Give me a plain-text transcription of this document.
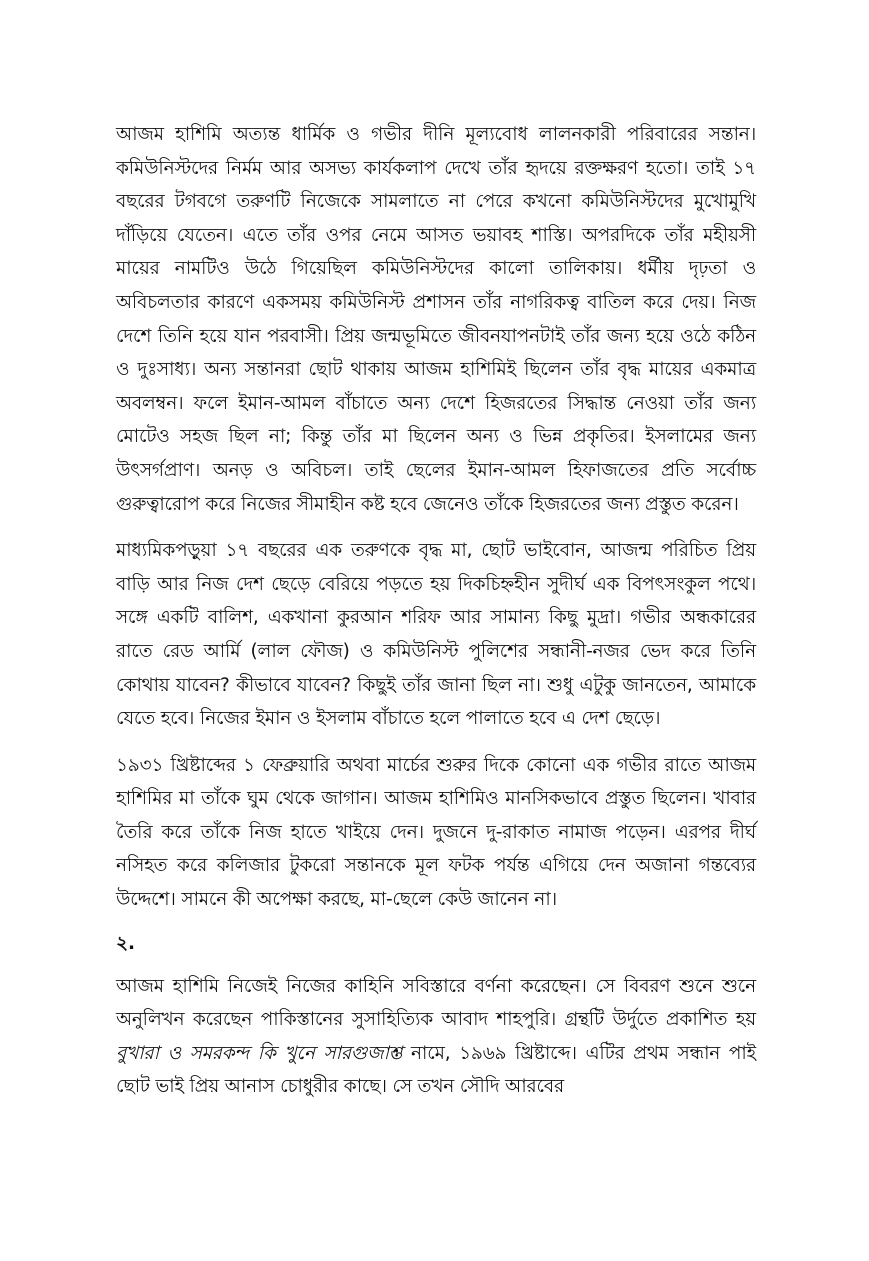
আজম হাশিমি অত্যন্ত ধার্মিক ও গভীর দীনি মূল্যবোধ লালনকারী পরিবারের সন্তান। কমিউনিস্টদের নির্মম আর অসভ্য কার্যকলাপ দেখে তাঁর হৃদয়ে রক্তক্ষরণ হতো। তাই ১৭ বছরের টগবগে তরুণটি নিজেকে সামলাতে না পেরে কখনো কমিউনিস্টদের মুখোমুখি দাঁড়িয়ে যেতেন। এতে তাঁর ওপর নেমে আসত ভয়াবহ শাস্তি। অপরদিকে তাঁর মহীয়সী মায়ের নামটিও উঠে গিয়েছিল কমিউনিস্টদের কালো তালিকায়। ধর্মীয় দৃঢ়তা ও অবিচলতার কারণে একসময় কমিউনিস্ট প্রশাসন তাঁর নাগরিকত্ব বাতিল করে দেয়। নিজ দেশে তিনি হয়ে যান পরবাসী। প্রিয় জন্মভূমিতে জীবনযাপনটাই তাঁর জন্য হয়ে ওঠে কঠিন ও দুঃসাধ্য। অন্য সন্তানরা ছোট থাকায় আজম হাশিমিই ছিলেন তাঁর বৃদ্ধ মায়ের একমাত্র অবলম্বন। ফলে ইমান-আমল বাঁচাতে অন্য দেশে হিজরতের সিদ্ধান্ত নেওয়া তাঁর জন্য মোটেও সহজ ছিল না; কিন্তু তাঁর মা ছিলেন অন্য ও ভিন্ন প্রকৃতির। ইসলামের জন্য উৎসর্গপ্রাণ। অনড় ও অবিচল। তাই ছেলের ইমান-আমল হিফাজতের প্রতি সর্বোচ্চ গুরুত্বারোপ করে নিজের সীমাহীন কষ্ট হবে জেনেও তাঁকে হিজরতের জন্য প্রস্তুত করেন।

মাধ্যমিকপড়ুয়া ১৭ বছরের এক তরুণকে বৃদ্ধ মা, ছোট ভাইবোন, আজন্ম পরিচিত প্রিয় বাড়ি আর নিজ দেশ ছেড়ে বেরিয়ে পড়তে হয় দিকচিহ্নহীন সুদীর্ঘ এক বিপৎসংকুল পথে। সঙ্গে একটি বালিশ, একখানা কুরআন শরিফ আর সামান্য কিছু মুদ্রা। গভীর অন্ধকারের রাতে রেড আর্মি (লাল ফৌজ) ও কমিউনিস্ট পুলিশের সন্ধানী-নজর ভেদ করে তিনি কোথায় যাবেন? কীভাবে যাবেন? কিছুই তাঁর জানা ছিল না। শুধু এটুকু জানতেন, আমাকে যেতে হবে। নিজের ইমান ও ইসলাম বাঁচাতে হলে পালাতে হবে এ দেশ ছেড়ে।

১৯৩১ খ্রিষ্টাব্দের ১ ফেব্রুয়ারি অথবা মার্চের শুরুর দিকে কোনো এক গভীর রাতে আজম হাশিমির মা তাঁকে ঘুম থেকে জাগান। আজম হাশিমিও মানসিকভাবে প্রস্তুত ছিলেন। খাবার তৈরি করে তাঁকে নিজ হাতে খাইয়ে দেন। দুজনে দু-রাকাত নামাজ পড়েন। এরপর দীর্ঘ নসিহত করে কলিজার টুকরো সন্তানকে মূল ফটক পর্যন্ত এগিয়ে দেন অজানা গন্তব্যের উদ্দেশে। সামনে কী অপেক্ষা করছে, মা-ছেলে কেউ জানেন না।

২.

আজম হাশিমি নিজেই নিজের কাহিনি সবিস্তারে বর্ণনা করেছেন। সে বিবরণ শুনে শুনে অনুলিখন করেছেন পাকিস্তানের সুসাহিত্যিক আবাদ শাহপুরি। গ্রন্থটি উর্দুতে প্রকাশিত হয় বুখারা ও সমরকন্দ কি খুনে সারগুজাশ্ত নামে, ১৯৬৯ খ্রিষ্টাব্দে। এটির প্রথম সন্ধান পাই ছোট ভাই প্রিয় আনাস চোধুরীর কাছে। সে তখন সৌদি আরবের
